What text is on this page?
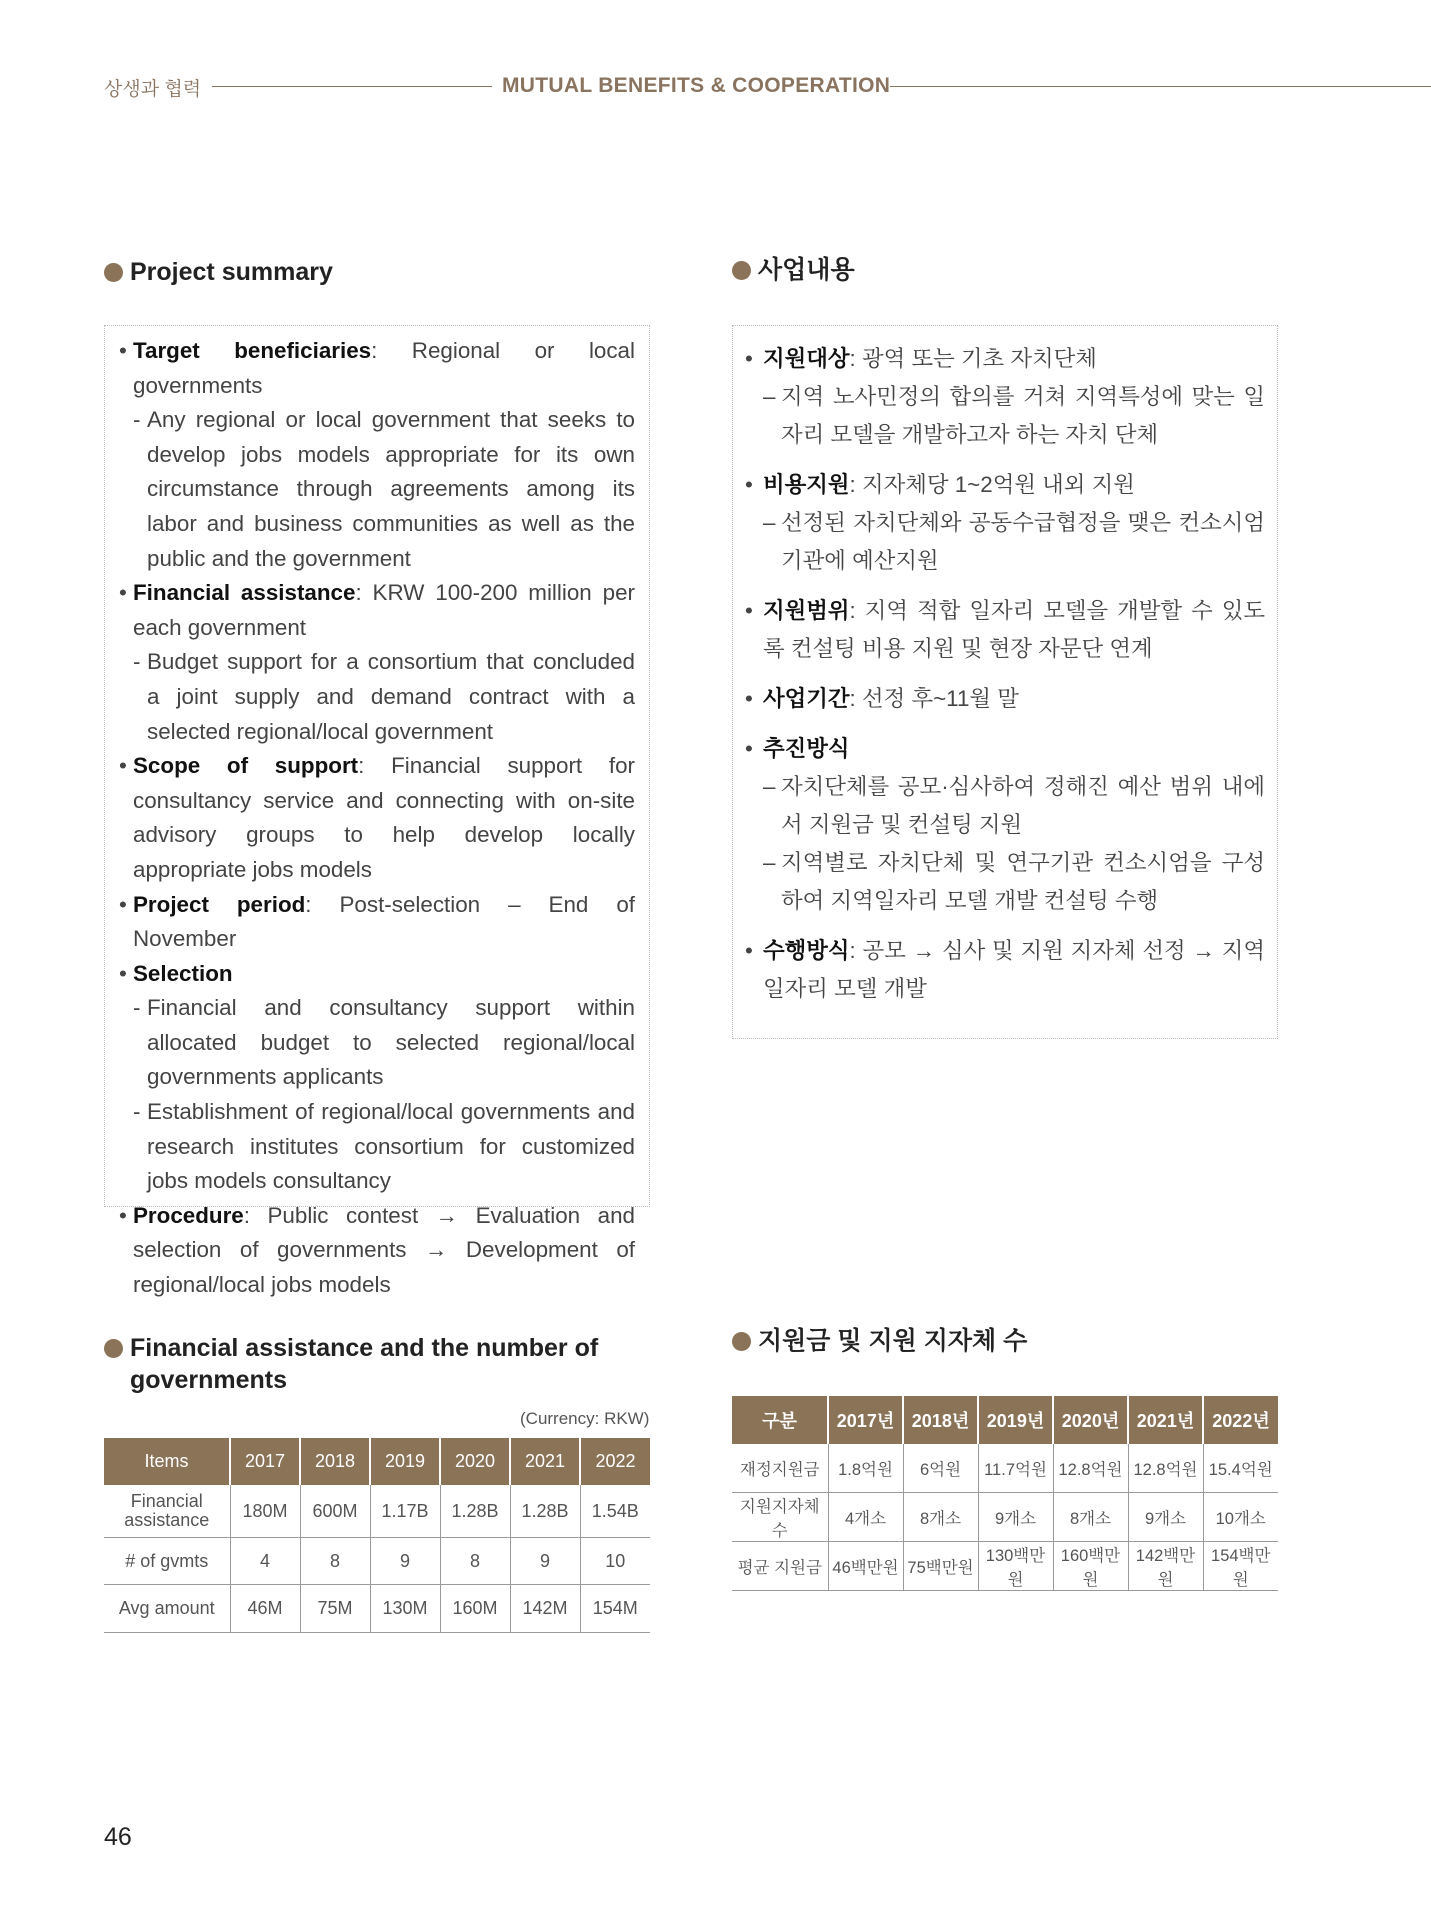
상생과 협력	MUTUAL BENEFITS & COOPERATION
Project summary
• Target beneficiaries: Regional or local governments
- Any regional or local government that seeks to develop jobs models appropriate for its own circumstance through agreements among its labor and business communities as well as the public and the government
• Financial assistance: KRW 100-200 million per each government
- Budget support for a consortium that concluded a joint supply and demand contract with a selected regional/local government
• Scope of support: Financial support for consultancy service and connecting with on-site advisory groups to help develop locally appropriate jobs models
• Project period: Post-selection – End of November
• Selection
- Financial and consultancy support within allocated budget to selected regional/local governments applicants
- Establishment of regional/local governments and research institutes consortium for customized jobs models consultancy
• Procedure: Public contest → Evaluation and selection of governments → Development of regional/local jobs models
사업내용
• 지원대상: 광역 또는 기초 자치단체
– 지역 노사민정의 합의를 거쳐 지역특성에 맞는 일자리 모델을 개발하고자 하는 자치 단체
• 비용지원: 지자체당 1~2억원 내외 지원
– 선정된 자치단체와 공동수급협정을 맺은 컨소시엄 기관에 예산지원
• 지원범위: 지역 적합 일자리 모델을 개발할 수 있도록 컨설팅 비용 지원 및 현장 자문단 연계
• 사업기간: 선정 후~11월 말
• 추진방식
– 자치단체를 공모·심사하여 정해진 예산 범위 내에서 지원금 및 컨설팅 지원
– 지역별로 자치단체 및 연구기관 컨소시엄을 구성하여 지역일자리 모델 개발 컨설팅 수행
• 수행방식: 공모 → 심사 및 지원 지자체 선정 → 지역일자리 모델 개발
Financial assistance and the number of governments
(Currency: RKW)
Items	2017	2018	2019	2020	2021	2022
Financial assistance	180M	600M	1.17B	1.28B	1.28B	1.54B
# of gvmts	4	8	9	8	9	10
Avg amount	46M	75M	130M	160M	142M	154M
지원금 및 지원 지자체 수
구분	2017년	2018년	2019년	2020년	2021년	2022년
재정지원금	1.8억원	6억원	11.7억원	12.8억원	12.8억원	15.4억원
지원지자체수	4개소	8개소	9개소	8개소	9개소	10개소
평균 지원금	46백만원	75백만원	130백만원	160백만원	142백만원	154백만원
46
